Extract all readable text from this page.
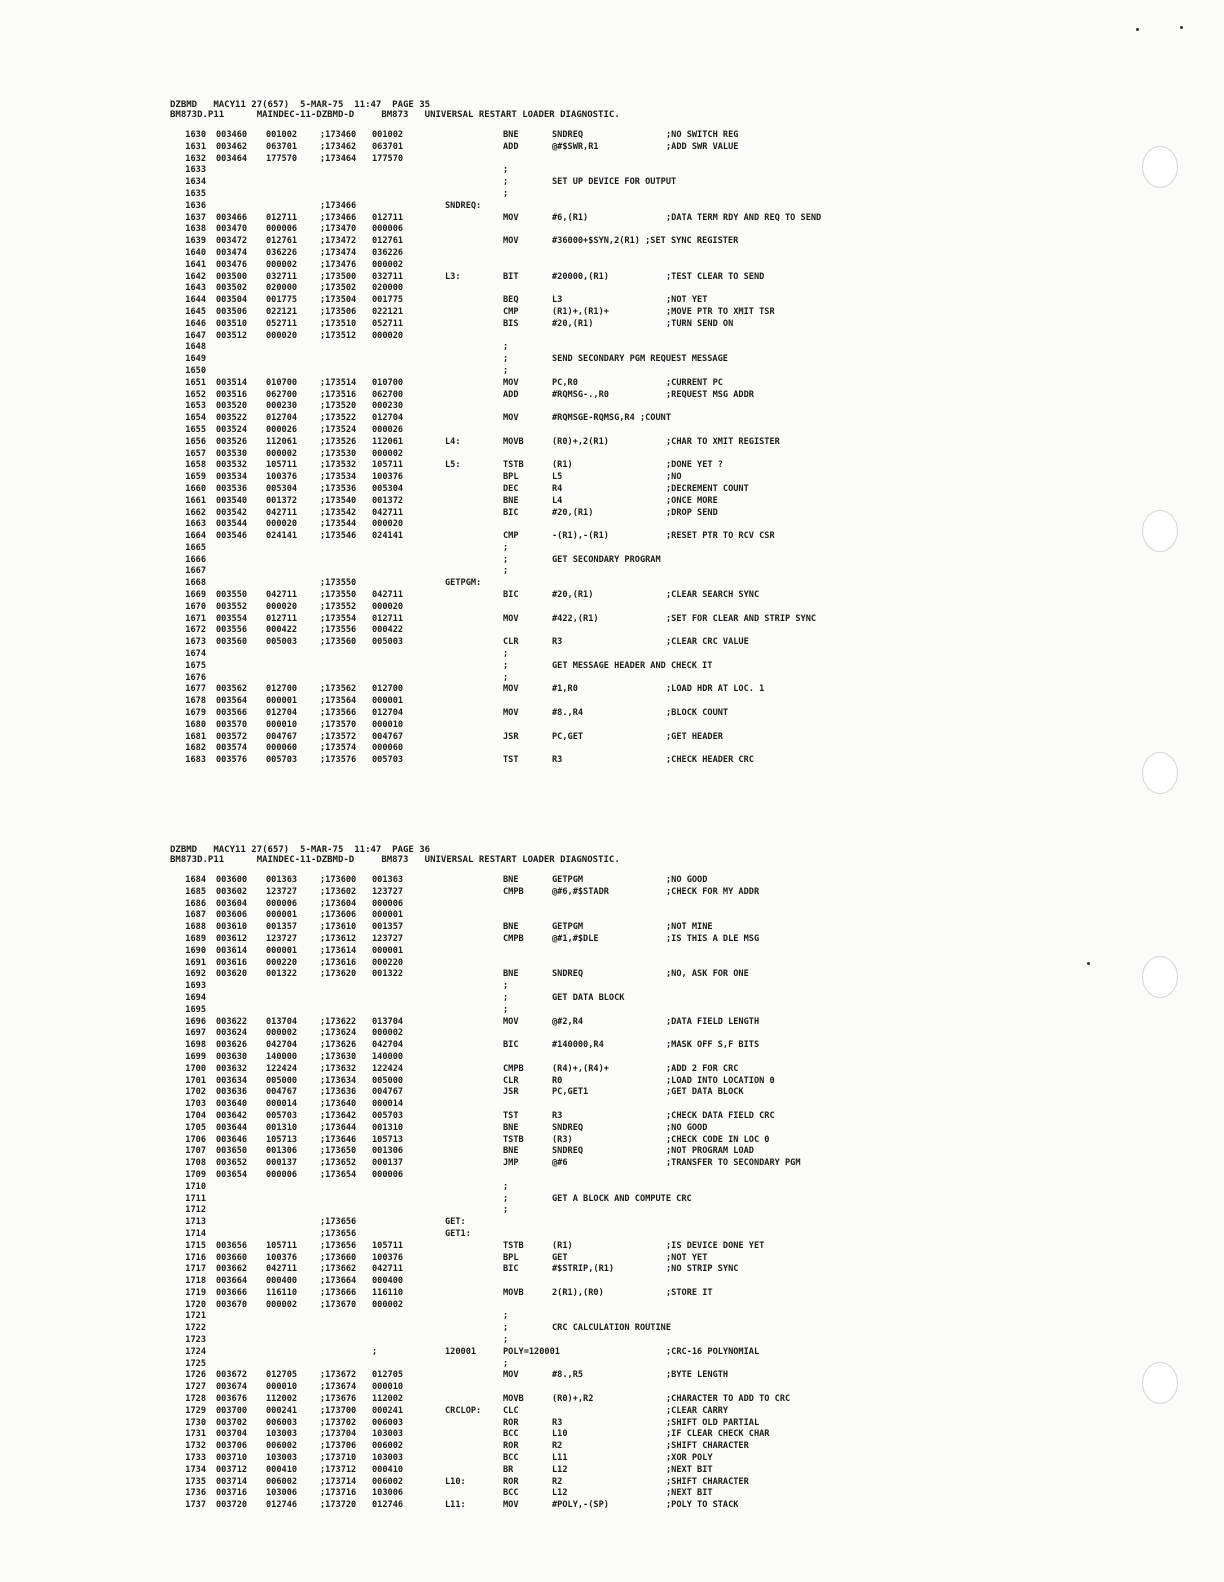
DZBMD   MACY11 27(657)  5-MAR-75  11:47  PAGE 35
BM873D.P11      MAINDEC-11-DZBMD-D     BM873   UNIVERSAL RESTART LOADER DIAGNOSTIC.
1630 003460 001002	;173460 001002	BNE	SNDREQ	;NO SWITCH REG
1631 003462 063701	;173462 063701	ADD	@#$SWR,R1	;ADD SWR VALUE
1632 003464 177570	;173464 177570
1633	;
1634	;	SET UP DEVICE FOR OUTPUT
1635	;
1636	;173466	SNDREQ:
1637 003466 012711	;173466 012711	MOV	#6,(R1)	;DATA TERM RDY AND REQ TO SEND
1638 003470 000006	;173470 000006
1639 003472 012761	;173472 012761	MOV	#36000+$SYN,2(R1) ;SET SYNC REGISTER
1640 003474 036226	;173474 036226
1641 003476 000002	;173476 000002
1642 003500 032711	;173500 032711	L3:	BIT	#20000,(R1)	;TEST CLEAR TO SEND
1643 003502 020000	;173502 020000
1644 003504 001775	;173504 001775	BEQ	L3	;NOT YET
1645 003506 022121	;173506 022121	CMP	(R1)+,(R1)+	;MOVE PTR TO XMIT TSR
1646 003510 052711	;173510 052711	BIS	#20,(R1)	;TURN SEND ON
1647 003512 000020	;173512 000020
1648	;
1649	;	SEND SECONDARY PGM REQUEST MESSAGE
1650	;
1651 003514 010700	;173514 010700	MOV	PC,R0	;CURRENT PC
1652 003516 062700	;173516 062700	ADD	#RQMSG-.,R0	;REQUEST MSG ADDR
1653 003520 000230	;173520 000230
1654 003522 012704	;173522 012704	MOV	#RQMSGE-RQMSG,R4 ;COUNT
1655 003524 000026	;173524 000026
1656 003526 112061	;173526 112061	L4:	MOVB	(R0)+,2(R1)	;CHAR TO XMIT REGISTER
1657 003530 000002	;173530 000002
1658 003532 105711	;173532 105711	L5:	TSTB	(R1)	;DONE YET ?
1659 003534 100376	;173534 100376	BPL	L5	;NO
1660 003536 005304	;173536 005304	DEC	R4	;DECREMENT COUNT
1661 003540 001372	;173540 001372	BNE	L4	;ONCE MORE
1662 003542 042711	;173542 042711	BIC	#20,(R1)	;DROP SEND
1663 003544 000020	;173544 000020
1664 003546 024141	;173546 024141	CMP	-(R1),-(R1)	;RESET PTR TO RCV CSR
1665	;
1666	;	GET SECONDARY PROGRAM
1667	;
1668	;173550	GETPGM:
1669 003550 042711	;173550 042711	BIC	#20,(R1)	;CLEAR SEARCH SYNC
1670 003552 000020	;173552 000020
1671 003554 012711	;173554 012711	MOV	#422,(R1)	;SET FOR CLEAR AND STRIP SYNC
1672 003556 000422	;173556 000422
1673 003560 005003	;173560 005003	CLR	R3	;CLEAR CRC VALUE
1674	;
1675	;	GET MESSAGE HEADER AND CHECK IT
1676	;
1677 003562 012700	;173562 012700	MOV	#1,R0	;LOAD HDR AT LOC. 1
1678 003564 000001	;173564 000001
1679 003566 012704	;173566 012704	MOV	#8.,R4	;BLOCK COUNT
1680 003570 000010	;173570 000010
1681 003572 004767	;173572 004767	JSR	PC,GET	;GET HEADER
1682 003574 000060	;173574 000060
1683 003576 005703	;173576 005703	TST	R3	;CHECK HEADER CRC
DZBMD   MACY11 27(657)  5-MAR-75  11:47  PAGE 36
BM873D.P11      MAINDEC-11-DZBMD-D     BM873   UNIVERSAL RESTART LOADER DIAGNOSTIC.
1684 003600 001363	;173600 001363	BNE	GETPGM	;NO GOOD
1685 003602 123727	;173602 123727	CMPB	@#6,#$STADR	;CHECK FOR MY ADDR
1686 003604 000006	;173604 000006
1687 003606 000001	;173606 000001
1688 003610 001357	;173610 001357	BNE	GETPGM	;NOT MINE
1689 003612 123727	;173612 123727	CMPB	@#1,#$DLE	;IS THIS A DLE MSG
1690 003614 000001	;173614 000001
1691 003616 000220	;173616 000220
1692 003620 001322	;173620 001322	BNE	SNDREQ	;NO, ASK FOR ONE
1693	;
1694	;	GET DATA BLOCK
1695	;
1696 003622 013704	;173622 013704	MOV	@#2,R4	;DATA FIELD LENGTH
1697 003624 000002	;173624 000002
1698 003626 042704	;173626 042704	BIC	#140000,R4	;MASK OFF S,F BITS
1699 003630 140000	;173630 140000
1700 003632 122424	;173632 122424	CMPB	(R4)+,(R4)+	;ADD 2 FOR CRC
1701 003634 005000	;173634 005000	CLR	R0	;LOAD INTO LOCATION 0
1702 003636 004767	;173636 004767	JSR	PC,GET1	;GET DATA BLOCK
1703 003640 000014	;173640 000014
1704 003642 005703	;173642 005703	TST	R3	;CHECK DATA FIELD CRC
1705 003644 001310	;173644 001310	BNE	SNDREQ	;NO GOOD
1706 003646 105713	;173646 105713	TSTB	(R3)	;CHECK CODE IN LOC 0
1707 003650 001306	;173650 001306	BNE	SNDREQ	;NOT PROGRAM LOAD
1708 003652 000137	;173652 000137	JMP	@#6	;TRANSFER TO SECONDARY PGM
1709 003654 000006	;173654 000006
1710	;
1711	;	GET A BLOCK AND COMPUTE CRC
1712	;
1713	;173656	GET:
1714	;173656	GET1:
1715 003656 105711	;173656 105711	TSTB	(R1)	;IS DEVICE DONE YET
1716 003660 100376	;173660 100376	BPL	GET	;NOT YET
1717 003662 042711	;173662 042711	BIC	#$STRIP,(R1)	;NO STRIP SYNC
1718 003664 000400	;173664 000400
1719 003666 116110	;173666 116110	MOVB	2(R1),(R0)	;STORE IT
1720 003670 000002	;173670 000002
1721	;
1722	;	CRC CALCULATION ROUTINE
1723	;
1724	;	120001	POLY=120001	;CRC-16 POLYNOMIAL
1725	;
1726 003672 012705	;173672 012705	MOV	#8.,R5	;BYTE LENGTH
1727 003674 000010	;173674 000010
1728 003676 112002	;173676 112002	MOVB	(R0)+,R2	;CHARACTER TO ADD TO CRC
1729 003700 000241	;173700 000241	CRCLOP:	CLC	;CLEAR CARRY
1730 003702 006003	;173702 006003	ROR	R3	;SHIFT OLD PARTIAL
1731 003704 103003	;173704 103003	BCC	L10	;IF CLEAR CHECK CHAR
1732 003706 006002	;173706 006002	ROR	R2	;SHIFT CHARACTER
1733 003710 103003	;173710 103003	BCC	L11	;XOR POLY
1734 003712 000410	;173712 000410	BR	L12	;NEXT BIT
1735 003714 006002	;173714 006002	L10:	ROR	R2	;SHIFT CHARACTER
1736 003716 103006	;173716 103006	BCC	L12	;NEXT BIT
1737 003720 012746	;173720 012746	L11:	MOV	#POLY,-(SP)	;POLY TO STACK
